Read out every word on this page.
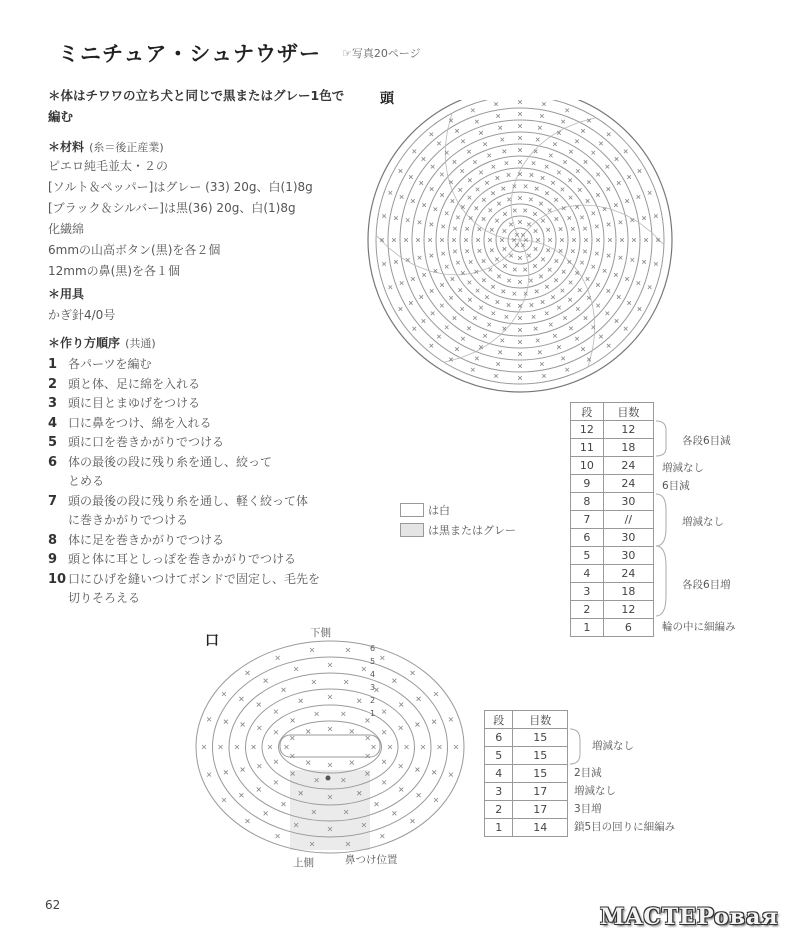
ミニチュア・シュナウザー ☞写真20ページ
＊体はチワワの立ち犬と同じで黒またはグレー1色で編む
＊材料 (糸＝後正産業)
ピエロ純毛並太・２の
[ソルト＆ペッパー]はグレー (33) 20g、白(1)8g
[ブラック＆シルバー]は黒(36) 20g、白(1)8g
化繊綿
6mmの山高ボタン(黒)を各２個
12mmの鼻(黒)を各１個
＊用具
かぎ針4/0号
＊作り方順序 (共通)
1 各パーツを編む
2 頭と体、足に綿を入れる
3 頭に目とまゆげをつける
4 口に鼻をつけ、綿を入れる
5 頭に口を巻きかがりでつける
6 体の最後の段に残り糸を通し、絞ってとめる
7 頭の最後の段に残り糸を通し、軽く絞って体に巻きかがりでつける
8 体に足を巻きかがりでつける
9 頭と体に耳としっぽを巻きかがりでつける
10 口にひげを縫いつけてボンドで固定し、毛先を切りそろえる
頭
段	目数
12	12
11	18
10	24
9	24
8	30
7	//
6	30
5	30
4	24
3	18
2	12
1	6
各段6目減
増減なし
6目減
増減なし
各段6目増
輪の中に細編み
は白
は黒またはグレー
口	下側
6
5
4
3
2
1
上側	鼻つけ位置
段	目数
6	15
5	15
4	15
3	17
2	17
1	14
増減なし
2目減
増減なし
3目増
鎖5目の回りに細編み
62	MACTEPoвая
